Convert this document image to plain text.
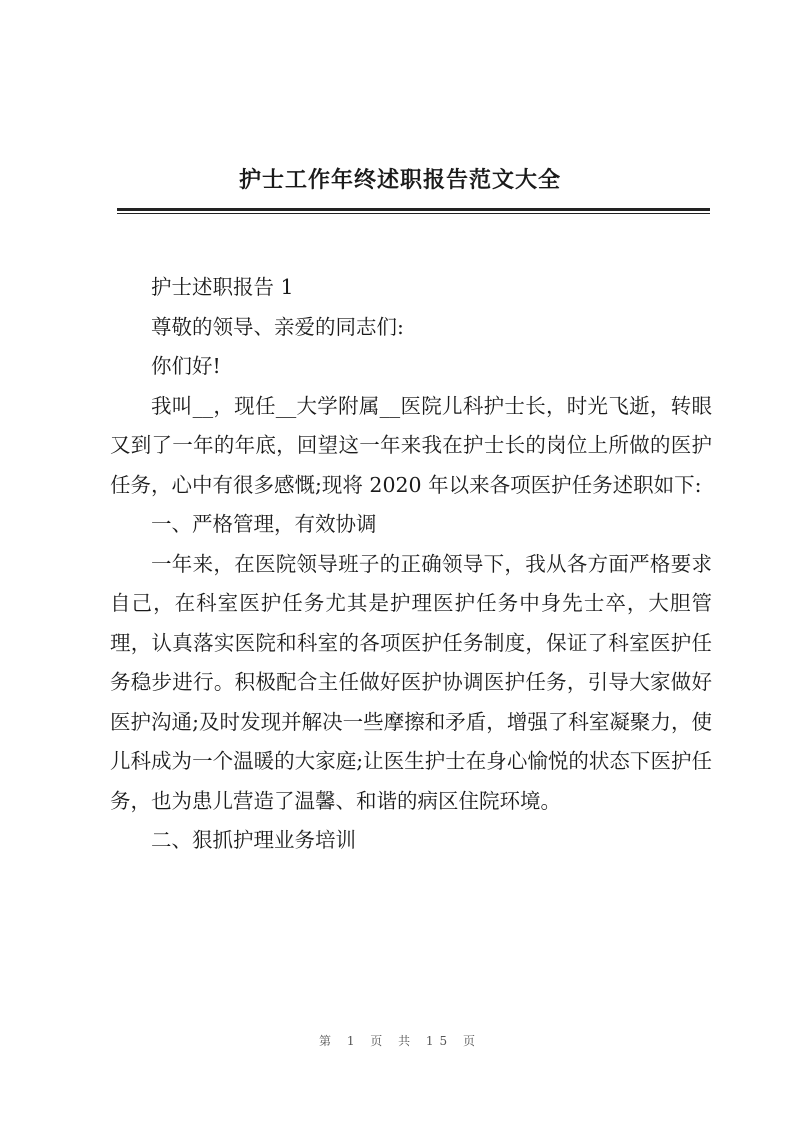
护士工作年终述职报告范文大全

护士述职报告 1

尊敬的领导、亲爱的同志们:

你们好!

我叫__，现任__大学附属__医院儿科护士长，时光飞逝，转眼又到了一年的年底，回望这一年来我在护士长的岗位上所做的医护任务，心中有很多感慨;现将 2020 年以来各项医护任务述职如下:

一、严格管理，有效协调

一年来，在医院领导班子的正确领导下，我从各方面严格要求自己，在科室医护任务尤其是护理医护任务中身先士卒，大胆管理，认真落实医院和科室的各项医护任务制度，保证了科室医护任务稳步进行。积极配合主任做好医护协调医护任务，引导大家做好医护沟通;及时发现并解决一些摩擦和矛盾，增强了科室凝聚力，使儿科成为一个温暖的大家庭;让医生护士在身心愉悦的状态下医护任务，也为患儿营造了温馨、和谐的病区住院环境。

二、狠抓护理业务培训

第 1 页 共 15 页
